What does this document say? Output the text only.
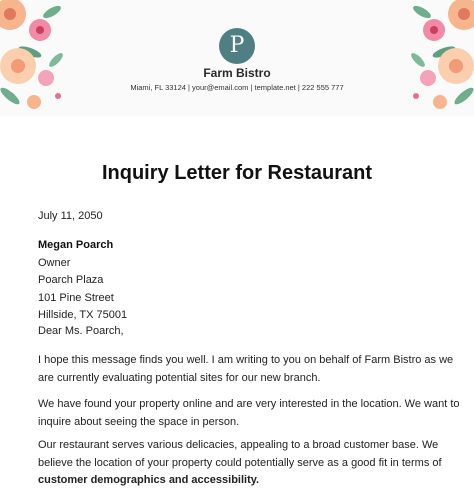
P
Farm Bistro
Miami, FL 33124 | your@email.com | template.net | 222 555 777
Inquiry Letter for Restaurant
July 11, 2050
Megan Poarch
Owner
Poarch Plaza
101 Pine Street
Hillside, TX 75001
Dear Ms. Poarch,
I hope this message finds you well. I am writing to you on behalf of Farm Bistro as we
are currently evaluating potential sites for our new branch.
We have found your property online and are very interested in the location. We want to
inquire about seeing the space in person.
Our restaurant serves various delicacies, appealing to a broad customer base. We
believe the location of your property could potentially serve as a good fit in terms of
customer demographics and accessibility.
